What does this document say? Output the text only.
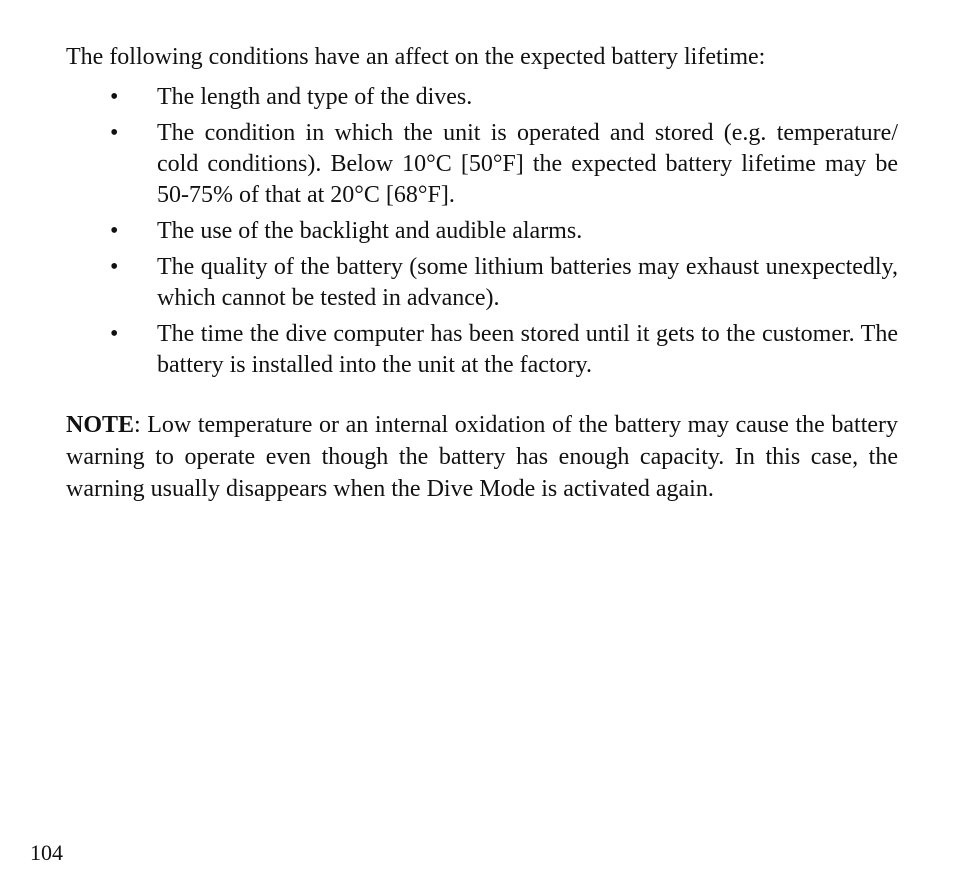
The following conditions have an affect on the expected battery lifetime:

• The length and type of the dives.
• The condition in which the unit is operated and stored (e.g. temperature/ cold conditions). Below 10°C [50°F] the expected battery lifetime may be 50-75% of that at 20°C [68°F].
• The use of the backlight and audible alarms.
• The quality of the battery (some lithium batteries may exhaust unexpectedly, which cannot be tested in advance).
• The time the dive computer has been stored until it gets to the customer. The battery is installed into the unit at the factory.

NOTE: Low temperature or an internal oxidation of the battery may cause the battery warning to operate even though the battery has enough capacity. In this case, the warning usually disappears when the Dive Mode is activated again.

104
